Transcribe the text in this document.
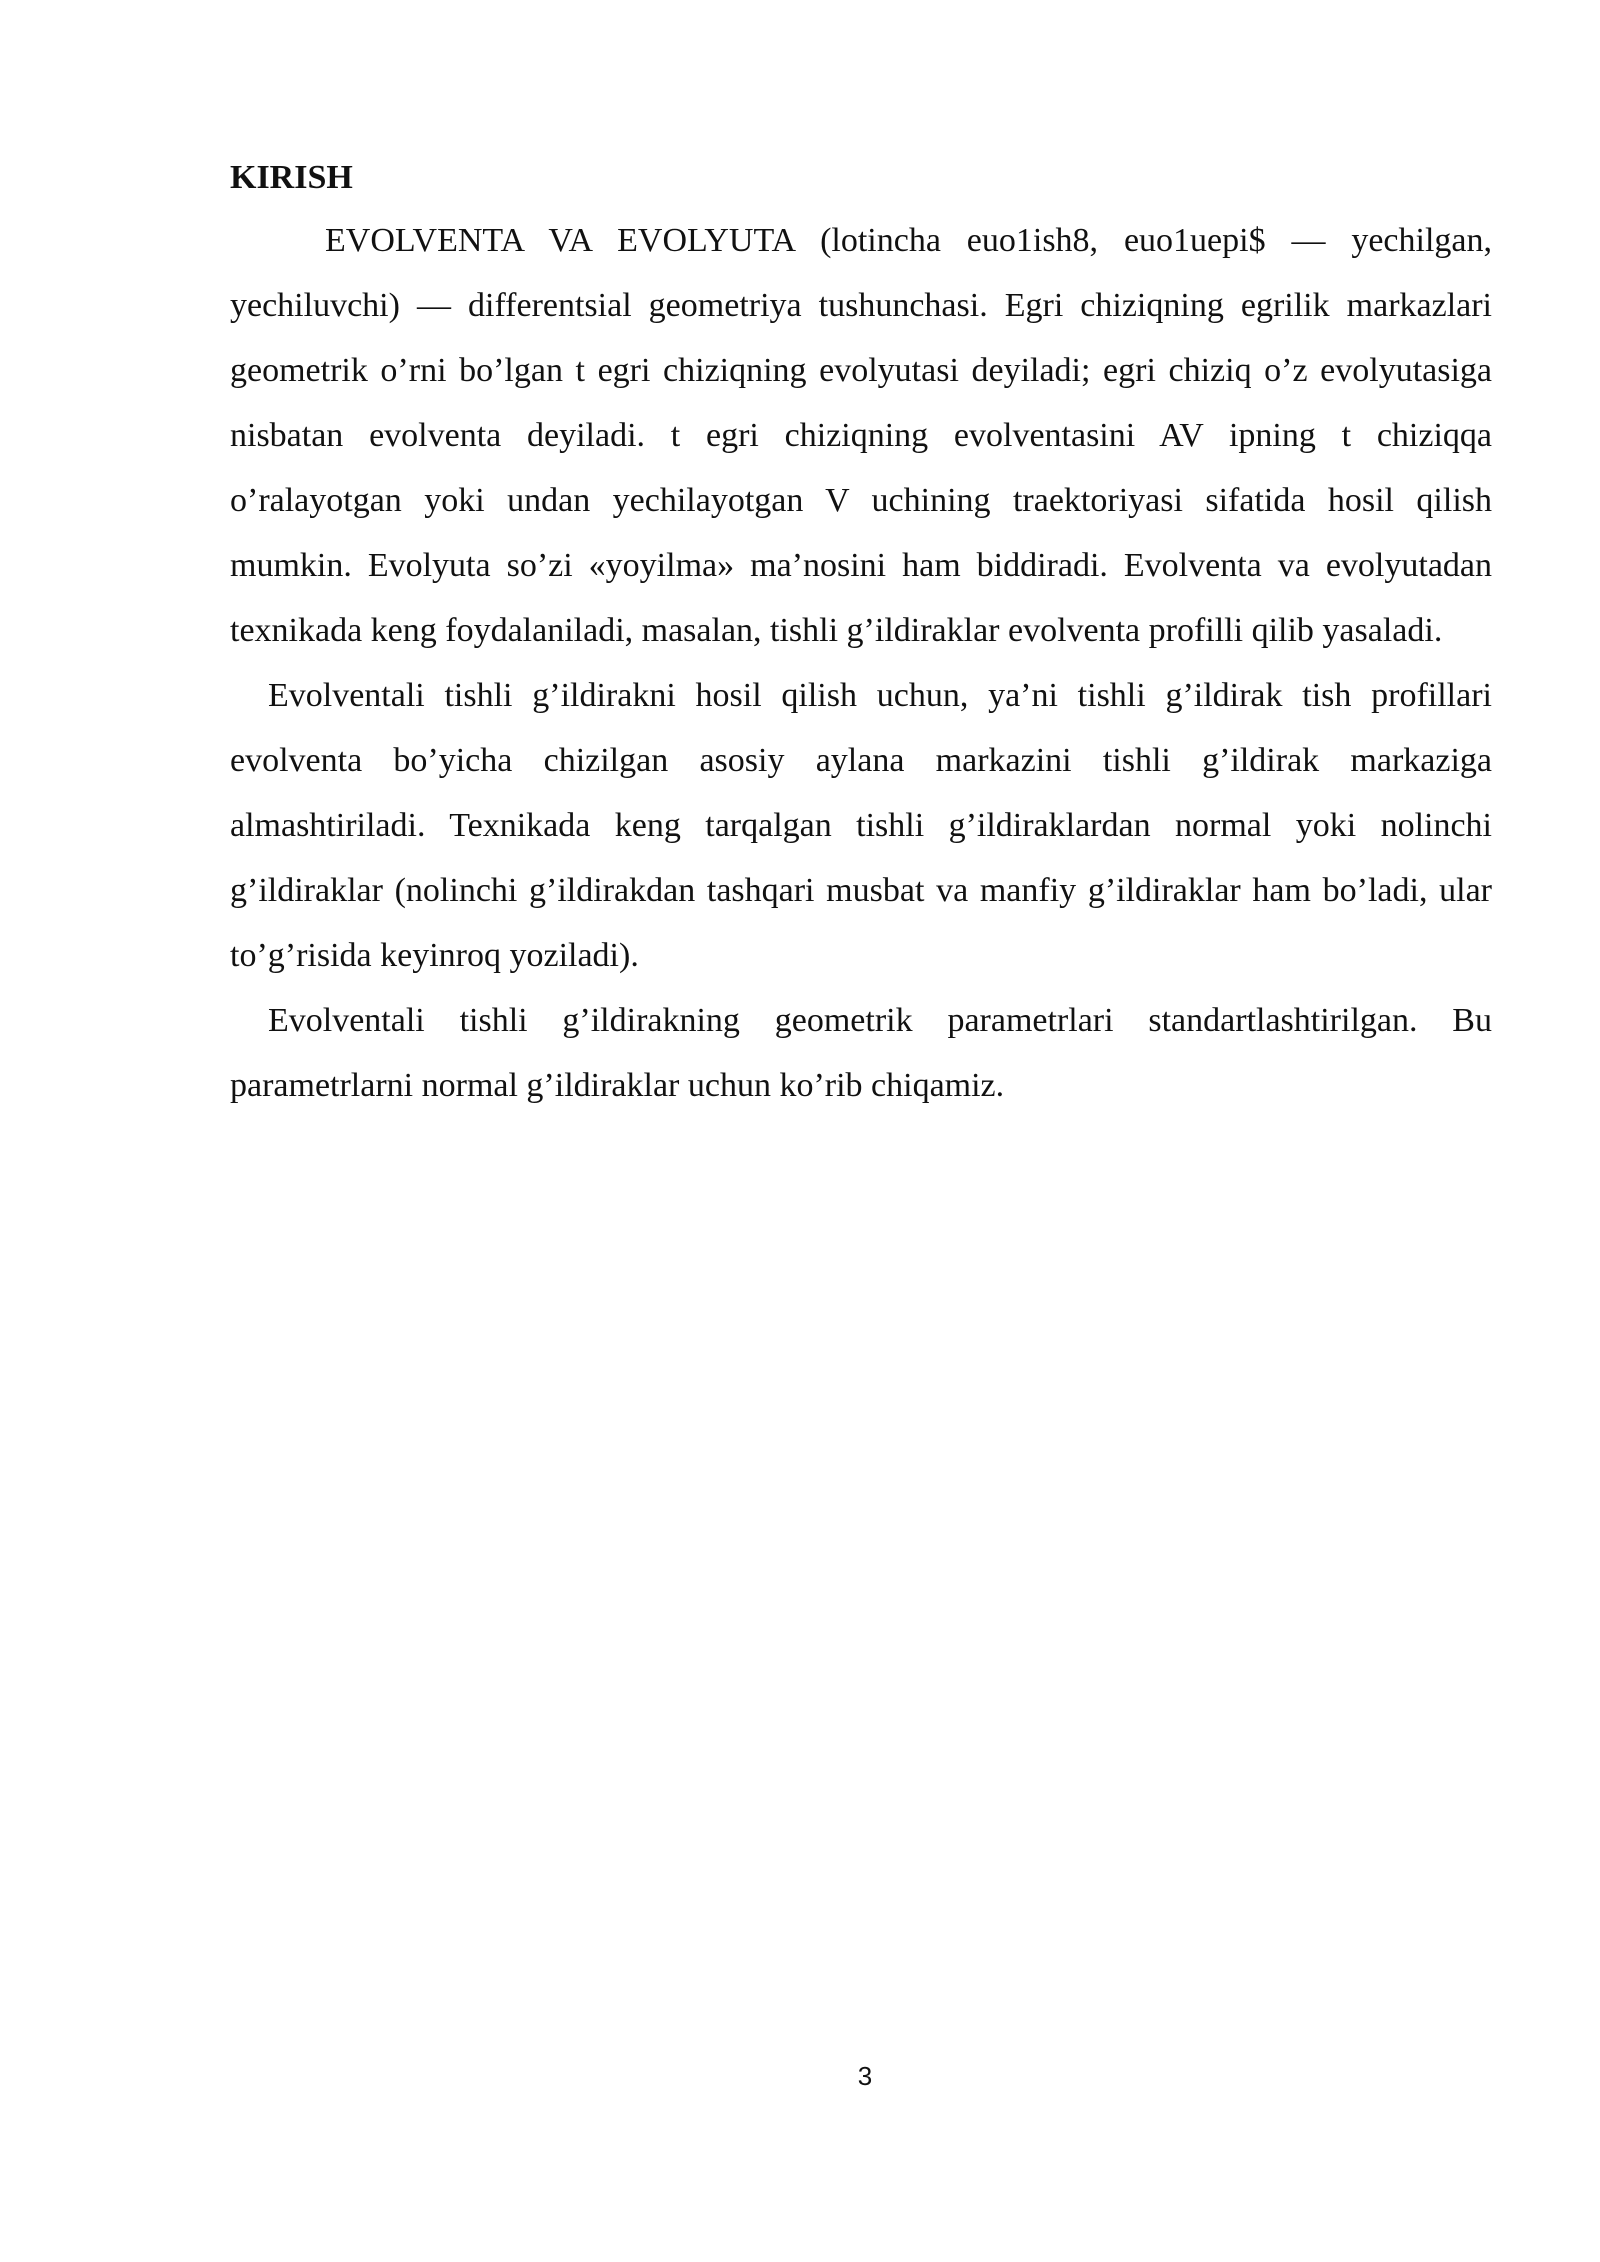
KIRISH

EVOLVENTA VA EVOLYUTA (lotincha euo1ish8, euo1uepi$ — yechilgan, yechiluvchi) — differentsial geometriya tushunchasi. Egri chiziqning egrilik markazlari geometrik o’rni bo’lgan t egri chiziqning evolyutasi deyiladi; egri chiziq o’z evolyutasiga nisbatan evolventa deyiladi. t egri chiziqning evolventasini AV ipning t chiziqqa o’ralayotgan yoki undan yechilayotgan V uchining traektoriyasi sifatida hosil qilish mumkin. Evolyuta so’zi «yoyilma» ma’nosini ham biddiradi. Evolventa va evolyutadan texnikada keng foydalaniladi, masalan, tishli g’ildiraklar evolventa profilli qilib yasaladi.

Evolventali tishli g’ildirakni hosil qilish uchun, ya’ni tishli g’ildirak tish profillari evolventa bo’yicha chizilgan asosiy aylana markazini tishli g’ildirak markaziga almashtiriladi. Texnikada keng tarqalgan tishli g’ildiraklardan normal yoki nolinchi g’ildiraklar (nolinchi g’ildirakdan tashqari musbat va manfiy g’ildiraklar ham bo’ladi, ular to’g’risida keyinroq yoziladi).

Evolventali tishli g’ildirakning geometrik parametrlari standartlashtirilgan. Bu parametrlarni normal g’ildiraklar uchun ko’rib chiqamiz.

3
